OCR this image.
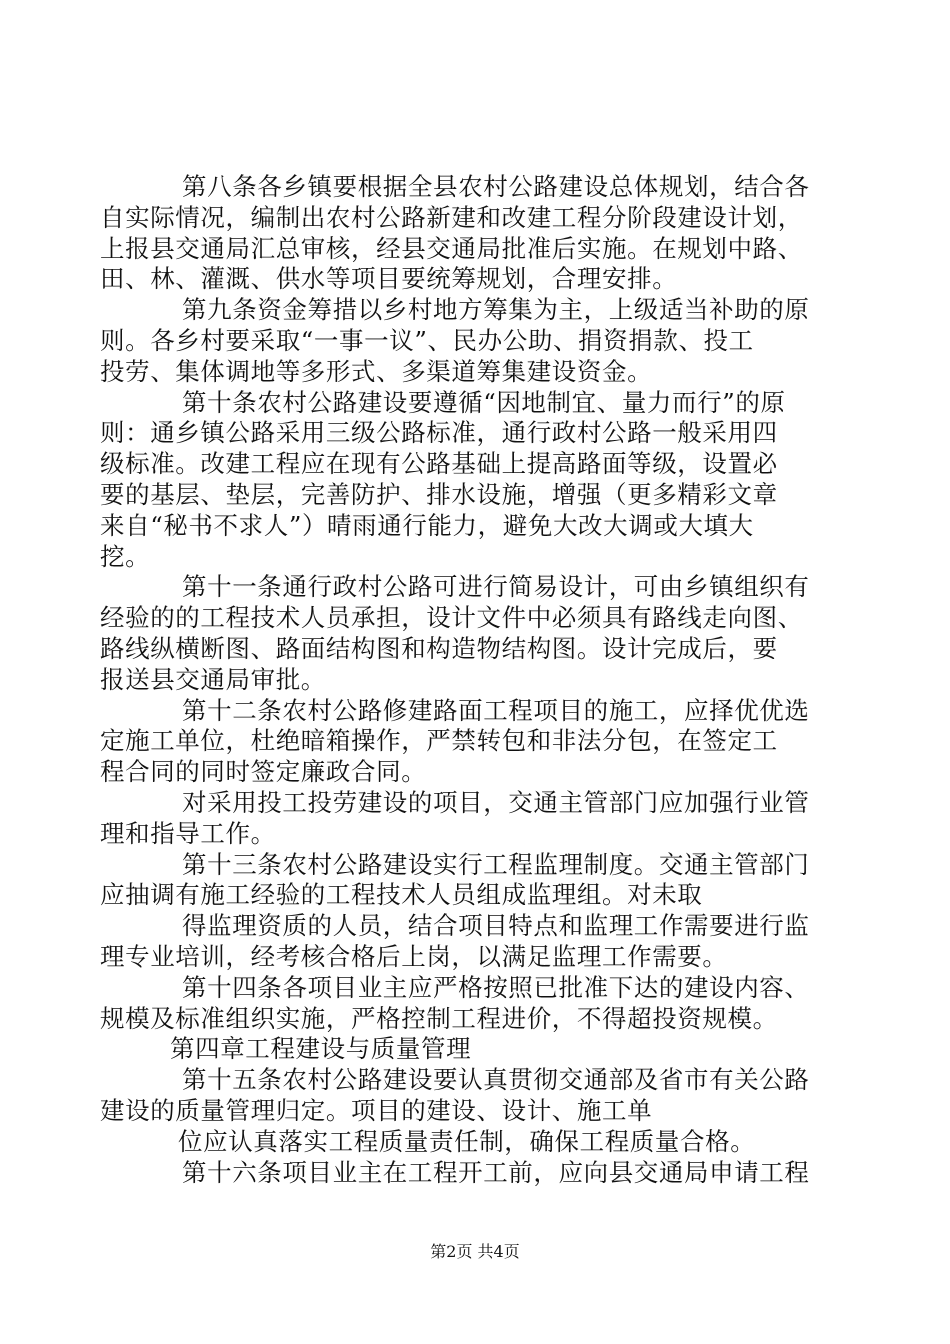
第八条各乡镇要根据全县农村公路建设总体规划，结合各
自实际情况，编制出农村公路新建和改建工程分阶段建设计划，
上报县交通局汇总审核，经县交通局批准后实施。在规划中路、
田、林、灌溉、供水等项目要统筹规划，合理安排。
第九条资金筹措以乡村地方筹集为主，上级适当补助的原
则。各乡村要采取“一事一议”、民办公助、捐资捐款、投工
投劳、集体调地等多形式、多渠道筹集建设资金。
第十条农村公路建设要遵循“因地制宜、量力而行”的原
则：通乡镇公路采用三级公路标准，通行政村公路一般采用四
级标准。改建工程应在现有公路基础上提高路面等级，设置必
要的基层、垫层，完善防护、排水设施，增强（更多精彩文章
来自“秘书不求人”）晴雨通行能力，避免大改大调或大填大
挖。
第十一条通行政村公路可进行简易设计，可由乡镇组织有
经验的的工程技术人员承担，设计文件中必须具有路线走向图、
路线纵横断图、路面结构图和构造物结构图。设计完成后，要
报送县交通局审批。
第十二条农村公路修建路面工程项目的施工，应择优优选
定施工单位，杜绝暗箱操作，严禁转包和非法分包，在签定工
程合同的同时签定廉政合同。
对采用投工投劳建设的项目，交通主管部门应加强行业管
理和指导工作。
第十三条农村公路建设实行工程监理制度。交通主管部门
应抽调有施工经验的工程技术人员组成监理组。对未取
得监理资质的人员，结合项目特点和监理工作需要进行监
理专业培训，经考核合格后上岗，以满足监理工作需要。
第十四条各项目业主应严格按照已批准下达的建设内容、
规模及标准组织实施，严格控制工程进价，不得超投资规模。
第四章工程建设与质量管理
第十五条农村公路建设要认真贯彻交通部及省市有关公路
建设的质量管理归定。项目的建设、设计、施工单
位应认真落实工程质量责任制，确保工程质量合格。
第十六条项目业主在工程开工前，应向县交通局申请工程
第2页 共4页
